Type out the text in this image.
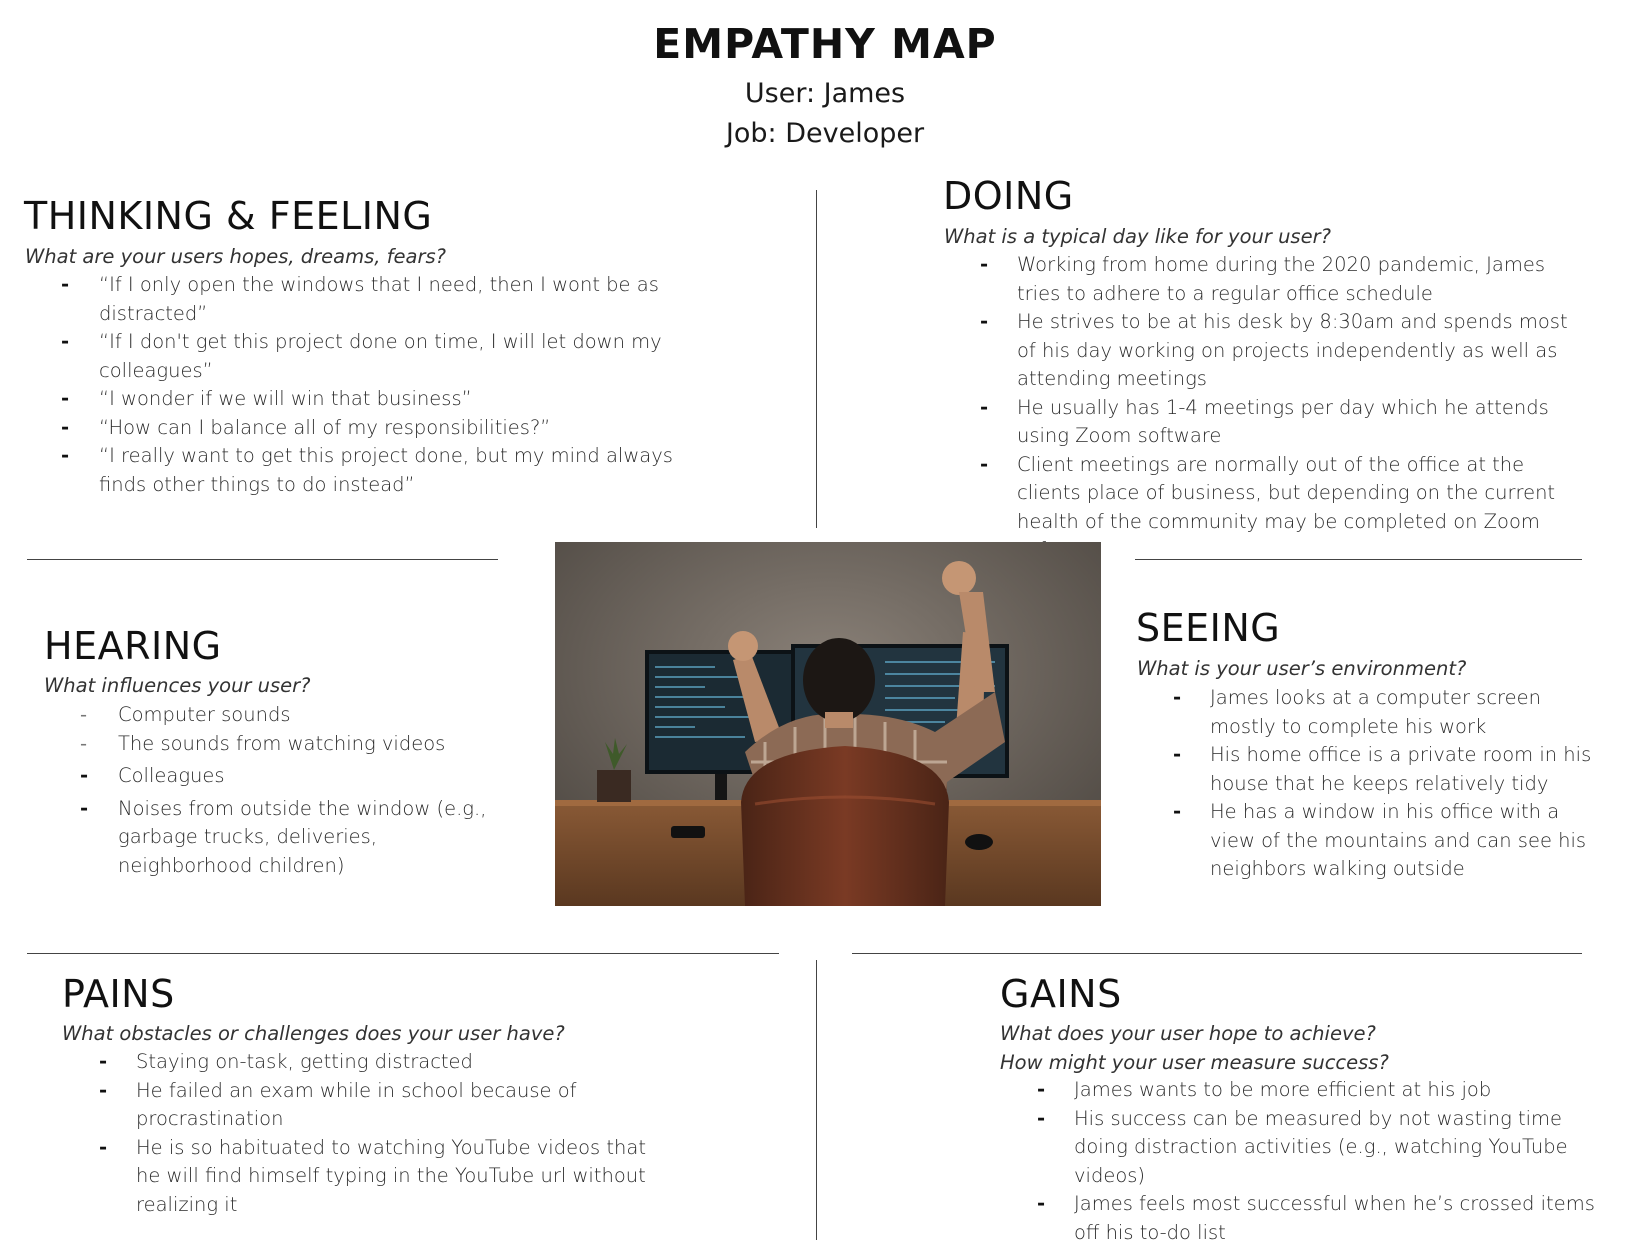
EMPATHY MAP
User: James
Job: Developer
THINKING & FEELING
What are your users hopes, dreams, fears?
- “If I only open the windows that I need, then I wont be as distracted”
- “If I don't get this project done on time, I will let down my colleagues”
- “I wonder if we will win that business”
- “How can I balance all of my responsibilities?”
- “I really want to get this project done, but my mind always finds other things to do instead”
DOING
What is a typical day like for your user?
- Working from home during the 2020 pandemic, James tries to adhere to a regular office schedule
- He strives to be at his desk by 8:30am and spends most of his day working on projects independently as well as attending meetings
- He usually has 1-4 meetings per day which he attends using Zoom software
- Client meetings are normally out of the office at the clients place of business, but depending on the current health of the community may be completed on Zoom
HEARING
What influences your user?
- Computer sounds
- The sounds from watching videos
- Colleagues
- Noises from outside the window (e.g., garbage trucks, deliveries, neighborhood children)
SEEING
What is your user’s environment?
- James looks at a computer screen mostly to complete his work
- His home office is a private room in his house that he keeps relatively tidy
- He has a window in his office with a view of the mountains and can see his neighbors walking outside
PAINS
What obstacles or challenges does your user have?
- Staying on-task, getting distracted
- He failed an exam while in school because of procrastination
- He is so habituated to watching YouTube videos that he will find himself typing in the YouTube url without realizing it
GAINS
What does your user hope to achieve?
How might your user measure success?
- James wants to be more efficient at his job
- His success can be measured by not wasting time doing distraction activities (e.g., watching YouTube videos)
- James feels most successful when he’s crossed items off his to-do list
